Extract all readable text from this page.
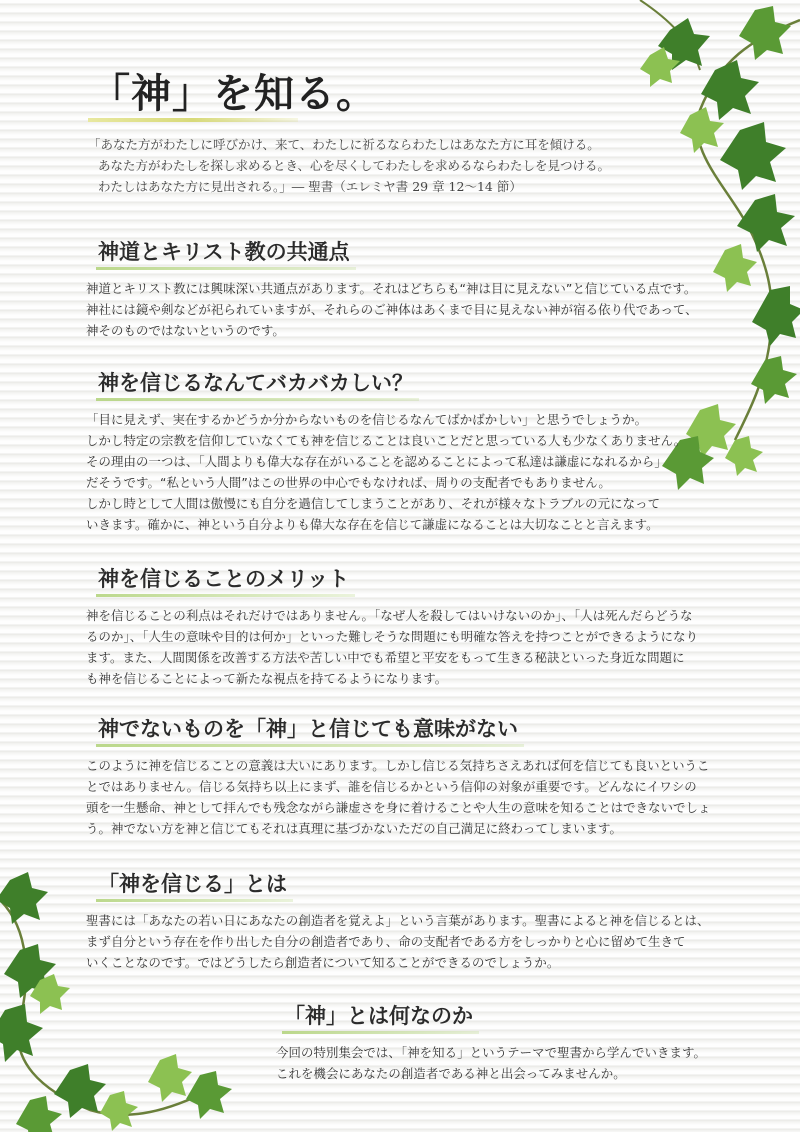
「神」を知る。

「あなた方がわたしに呼びかけ、来て、わたしに祈るならわたしはあなた方に耳を傾ける。

あなた方がわたしを探し求めるとき、心を尽くしてわたしを求めるならわたしを見つける。
わたしはあなた方に見出される。」― 聖書（エレミヤ書 29 章 12〜14 節）

神道とキリスト教の共通点

神道とキリスト教には興味深い共通点があります。それはどちらも“神は目に見えない”と信じている点です。
神社には鏡や剣などが祀られていますが、それらのご神体はあくまで目に見えない神が宿る依り代であって、
神そのものではないというのです。

神を信じるなんてバカバカしい？

「目に見えず、実在するかどうか分からないものを信じるなんてばかばかしい」と思うでしょうか。
しかし特定の宗教を信仰していなくても神を信じることは良いことだと思っている人も少なくありません。
その理由の一つは、「人間よりも偉大な存在がいることを認めることによって私達は謙虚になれるから」
だそうです。“私という人間”はこの世界の中心でもなければ、周りの支配者でもありません。
しかし時として人間は傲慢にも自分を過信してしまうことがあり、それが様々なトラブルの元になって
いきます。確かに、神という自分よりも偉大な存在を信じて謙虚になることは大切なことと言えます。

神を信じることのメリット

神を信じることの利点はそれだけではありません。「なぜ人を殺してはいけないのか」、「人は死んだらどうな
るのか」、「人生の意味や目的は何か」といった難しそうな問題にも明確な答えを持つことができるようになり
ます。また、人間関係を改善する方法や苦しい中でも希望と平安をもって生きる秘訣といった身近な問題に
も神を信じることによって新たな視点を持てるようになります。

神でないものを「神」と信じても意味がない

このように神を信じることの意義は大いにあります。しかし信じる気持ちさえあれば何を信じても良いというこ
とではありません。信じる気持ち以上にまず、誰を信じるかという信仰の対象が重要です。どんなにイワシの
頭を一生懸命、神として拝んでも残念ながら謙虚さを身に着けることや人生の意味を知ることはできないでしょ
う。神でない方を神と信じてもそれは真理に基づかないただの自己満足に終わってしまいます。

「神を信じる」とは

聖書には「あなたの若い日にあなたの創造者を覚えよ」という言葉があります。聖書によると神を信じるとは、
まず自分という存在を作り出した自分の創造者であり、命の支配者である方をしっかりと心に留めて生きて
いくことなのです。ではどうしたら創造者について知ることができるのでしょうか。

「神」とは何なのか

今回の特別集会では、「神を知る」というテーマで聖書から学んでいきます。
これを機会にあなたの創造者である神と出会ってみませんか。
